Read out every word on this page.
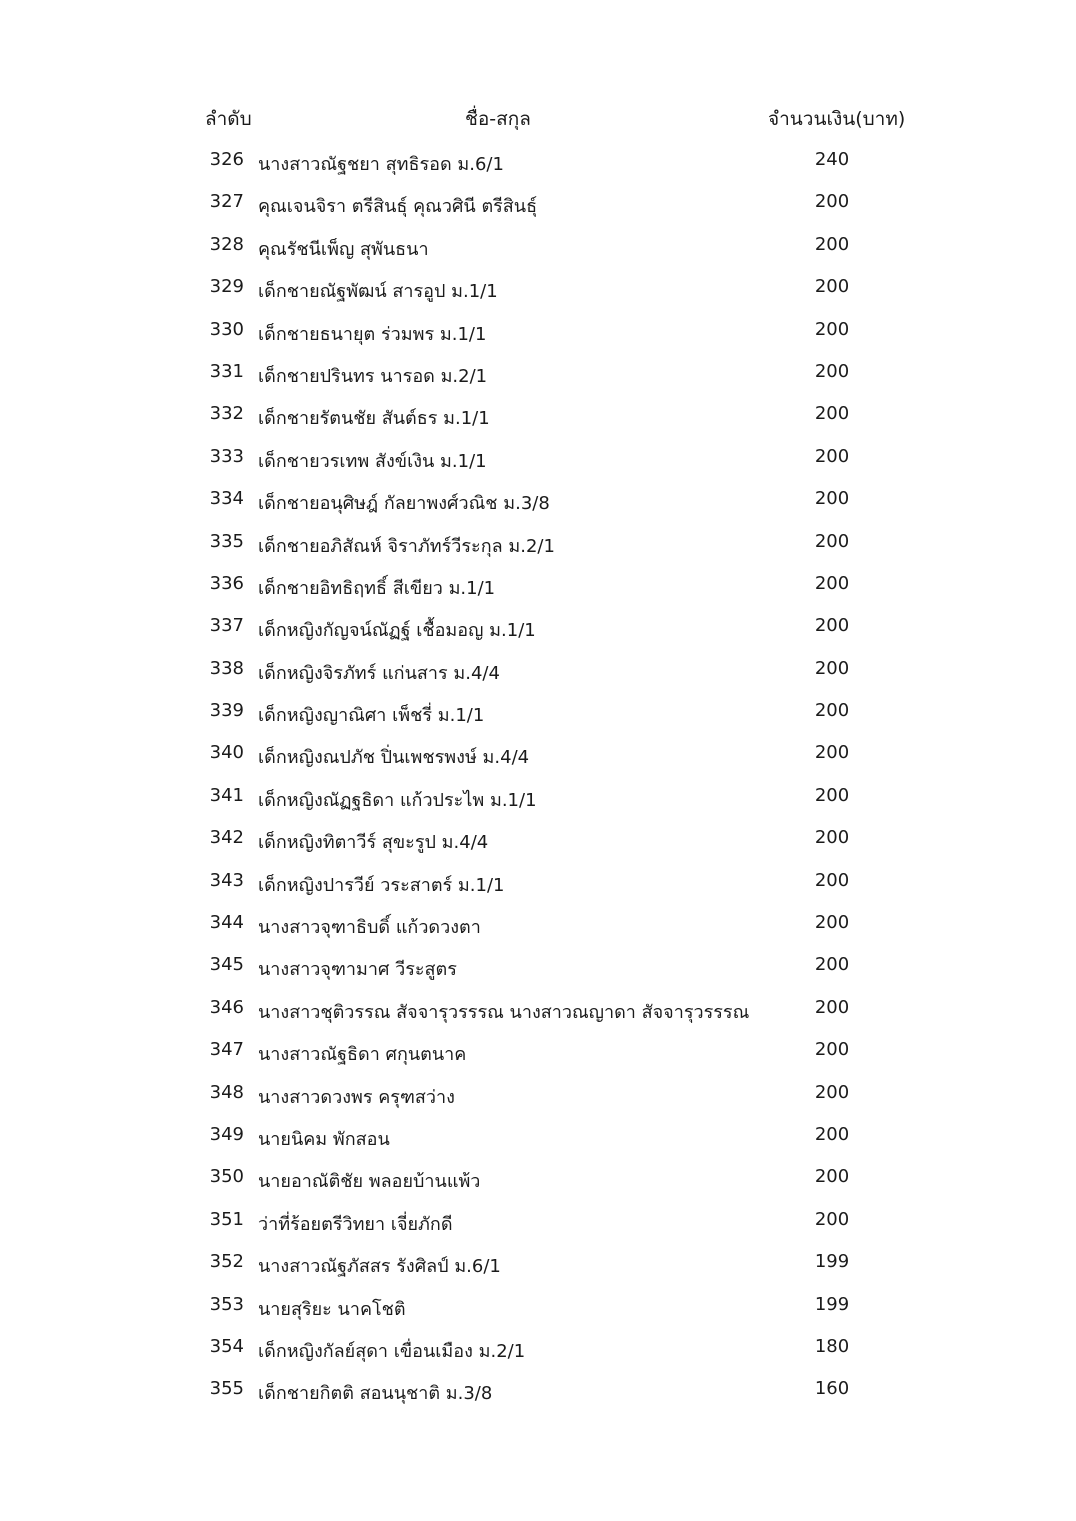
ลำดับ	ชื่อ-สกุล	จำนวนเงิน(บาท)
326 นางสาวณัฐชยา สุทธิรอด ม.6/1	240
327 คุณเจนจิรา ตรีสินธุ์ คุณวศินี ตรีสินธุ์	200
328 คุณรัชนีเพ็ญ สุพันธนา	200
329 เด็กชายณัฐพัฒน์ สารอูป ม.1/1	200
330 เด็กชายธนายุต ร่วมพร ม.1/1	200
331 เด็กชายปรินทร นารอด ม.2/1	200
332 เด็กชายรัตนชัย สันต์ธร ม.1/1	200
333 เด็กชายวรเทพ สังข์เงิน ม.1/1	200
334 เด็กชายอนุศิษฎ์ กัลยาพงศ์วณิช ม.3/8	200
335 เด็กชายอภิสัณห์ จิราภัทร์วีระกุล ม.2/1	200
336 เด็กชายอิทธิฤทธิ์ สีเขียว ม.1/1	200
337 เด็กหญิงกัญจน์ณัฏฐ์ เชื้อมอญ ม.1/1	200
338 เด็กหญิงจิรภัทร์ แก่นสาร ม.4/4	200
339 เด็กหญิงญาณิศา เพ็ชรี่ ม.1/1	200
340 เด็กหญิงณปภัช ปิ่นเพชรพงษ์ ม.4/4	200
341 เด็กหญิงณัฏฐธิดา แก้วประไพ ม.1/1	200
342 เด็กหญิงทิตาวีร์ สุขะรูป ม.4/4	200
343 เด็กหญิงปารวีย์ วระสาตร์ ม.1/1	200
344 นางสาวจุฑาธิบดิ์ แก้วดวงตา	200
345 นางสาวจุฑามาศ วีระสูตร	200
346 นางสาวชุติวรรณ สัจจารุวรรรณ นางสาวณญาดา สัจจารุวรรรณ	200
347 นางสาวณัฐธิดา ศกุนตนาค	200
348 นางสาวดวงพร ครุฑสว่าง	200
349 นายนิคม พักสอน	200
350 นายอาณัติชัย พลอยบ้านแพ้ว	200
351 ว่าที่ร้อยตรีวิทยา เจี่ยภักดี	200
352 นางสาวณัฐภัสสร รังศิลป์ ม.6/1	199
353 นายสุริยะ นาคโชติ	199
354 เด็กหญิงกัลย์สุดา เขื่อนเมือง ม.2/1	180
355 เด็กชายกิตติ สอนนุชาติ ม.3/8	160
